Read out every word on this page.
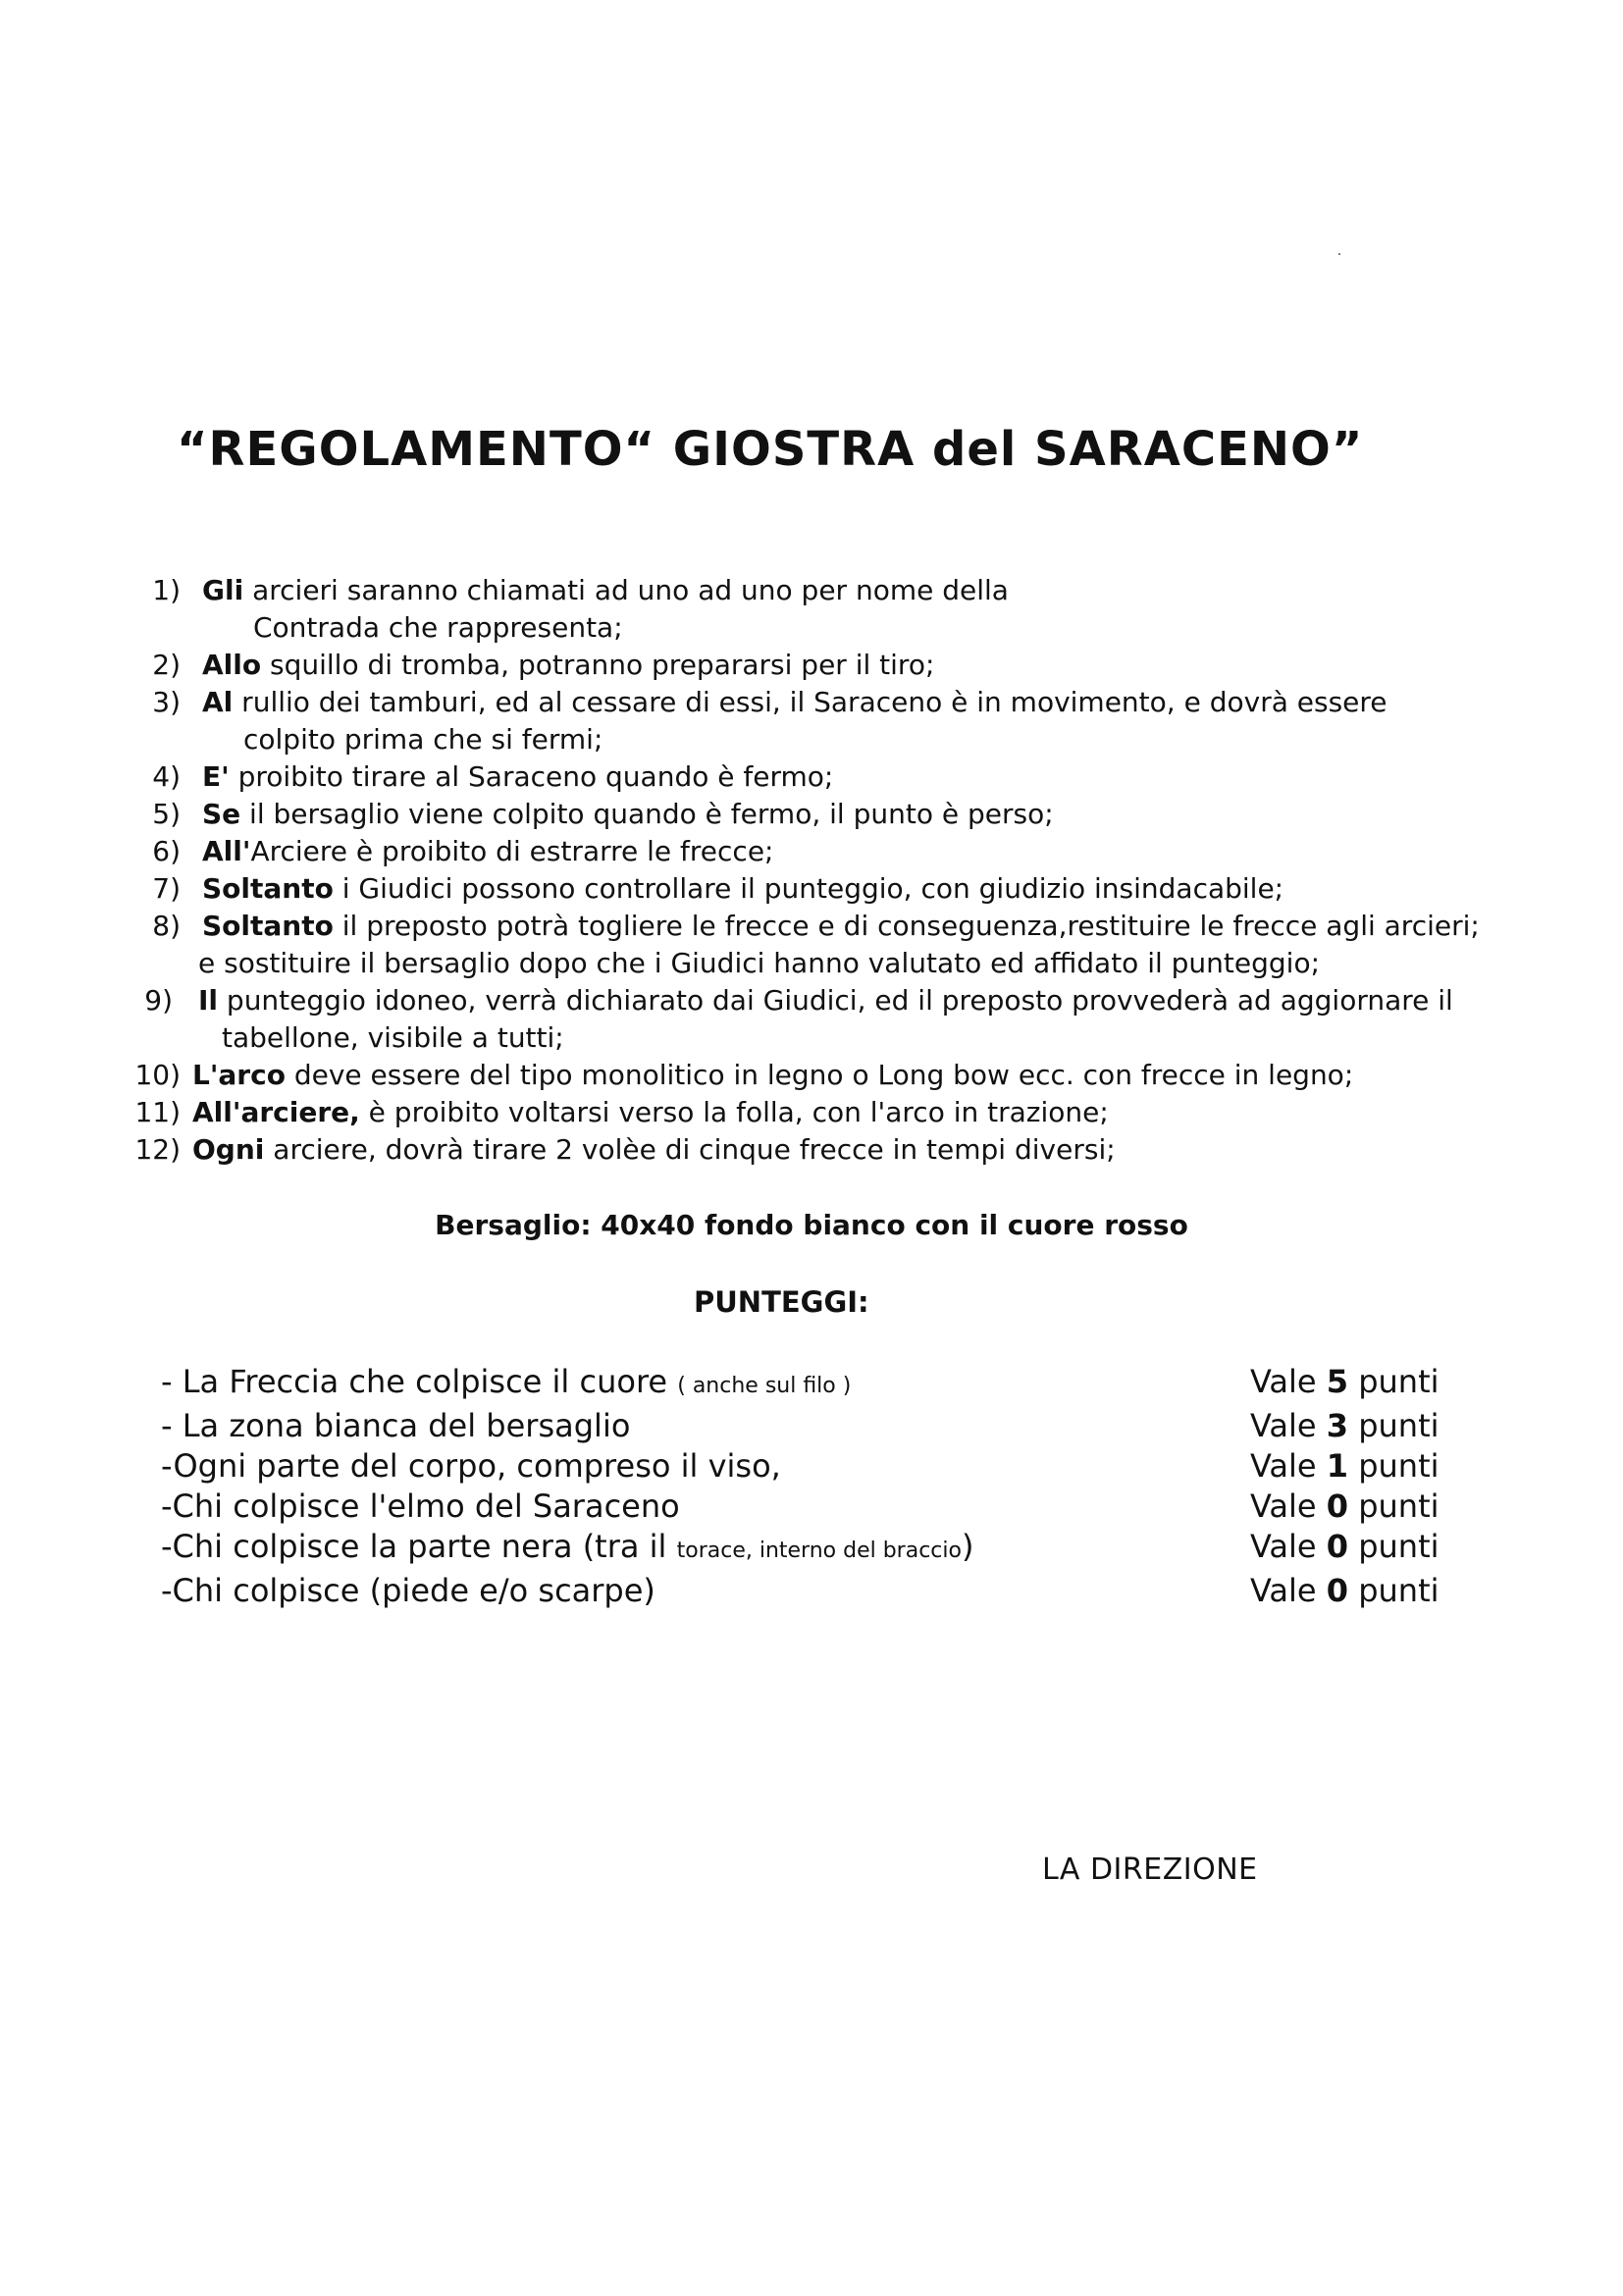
“REGOLAMENTO“ GIOSTRA del SARACENO”
1) Gli arcieri saranno chiamati ad uno ad uno per nome della
Contrada che rappresenta;
2) Allo squillo di tromba, potranno prepararsi per il tiro;
3) Al rullio dei tamburi, ed al cessare di essi, il Saraceno è in movimento, e dovrà essere
colpito prima che si fermi;
4) E' proibito tirare al Saraceno quando è fermo;
5) Se il bersaglio viene colpito quando è fermo, il punto è perso;
6) All'Arciere è proibito di estrarre le frecce;
7) Soltanto i Giudici possono controllare il punteggio, con giudizio insindacabile;
8) Soltanto il preposto potrà togliere le frecce e di conseguenza,restituire le frecce agli arcieri;
e sostituire il bersaglio dopo che i Giudici hanno valutato ed affidato il punteggio;
9) Il punteggio idoneo, verrà dichiarato dai Giudici, ed il preposto provvederà ad aggiornare il
tabellone, visibile a tutti;
10) L'arco deve essere del tipo monolitico in legno o Long bow ecc. con frecce in legno;
11) All'arciere, è proibito voltarsi verso la folla, con l'arco in trazione;
12) Ogni arciere, dovrà tirare 2 volèe di cinque frecce in tempi diversi;
Bersaglio: 40x40 fondo bianco con il cuore rosso
PUNTEGGI:
- La Freccia che colpisce il cuore ( anche sul filo )	Vale 5 punti
- La zona bianca del bersaglio	Vale 3 punti
-Ogni parte del corpo, compreso il viso,	Vale 1 punti
-Chi colpisce l'elmo del Saraceno	Vale 0 punti
-Chi colpisce la parte nera (tra il torace, interno del braccio)	Vale 0 punti
-Chi colpisce (piede e/o scarpe)	Vale 0 punti
LA DIREZIONE
